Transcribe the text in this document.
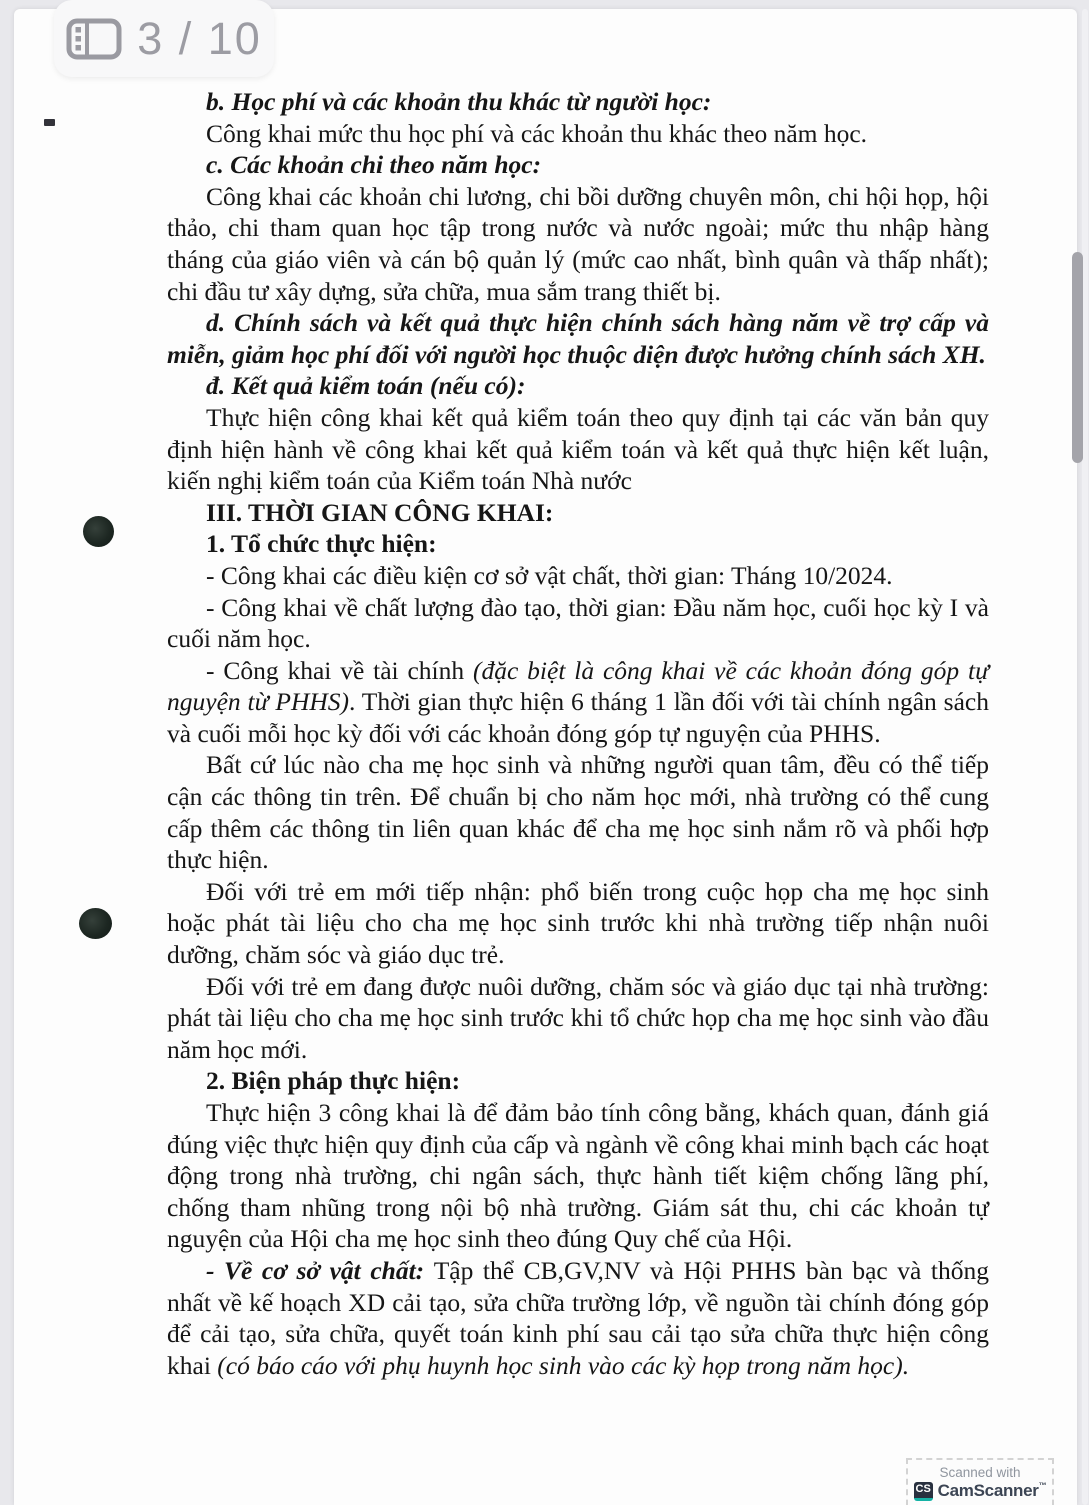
b. Học phí và các khoản thu khác từ người học:

Công khai mức thu học phí và các khoản thu khác theo năm học.

c. Các khoản chi theo năm học:

Công khai các khoản chi lương, chi bồi dưỡng chuyên môn, chi hội họp, hội thảo, chi tham quan học tập trong nước và nước ngoài; mức thu nhập hàng tháng của giáo viên và cán bộ quản lý (mức cao nhất, bình quân và thấp nhất); chi đầu tư xây dựng, sửa chữa, mua sắm trang thiết bị.

d. Chính sách và kết quả thực hiện chính sách hàng năm về trợ cấp và miễn, giảm học phí đối với người học thuộc diện được hưởng chính sách XH.

đ. Kết quả kiểm toán (nếu có):

Thực hiện công khai kết quả kiểm toán theo quy định tại các văn bản quy định hiện hành về công khai kết quả kiểm toán và kết quả thực hiện kết luận, kiến nghị kiểm toán của Kiểm toán Nhà nước

III. THỜI GIAN CÔNG KHAI:

1. Tổ chức thực hiện:

- Công khai các điều kiện cơ sở vật chất, thời gian: Tháng 10/2024.

- Công khai về chất lượng đào tạo, thời gian: Đầu năm học, cuối học kỳ I và cuối năm học.

- Công khai về tài chính (đặc biệt là công khai về các khoản đóng góp tự nguyện từ PHHS). Thời gian thực hiện 6 tháng 1 lần đối với tài chính ngân sách và cuối mỗi học kỳ đối với các khoản đóng góp tự nguyện của PHHS.

Bất cứ lúc nào cha mẹ học sinh và những người quan tâm, đều có thể tiếp cận các thông tin trên. Để chuẩn bị cho năm học mới, nhà trường có thể cung cấp thêm các thông tin liên quan khác để cha mẹ học sinh nắm rõ và phối hợp thực hiện.

Đối với trẻ em mới tiếp nhận: phổ biến trong cuộc họp cha mẹ học sinh hoặc phát tài liệu cho cha mẹ học sinh trước khi nhà trường tiếp nhận nuôi dưỡng, chăm sóc và giáo dục trẻ.

Đối với trẻ em đang được nuôi dưỡng, chăm sóc và giáo dục tại nhà trường: phát tài liệu cho cha mẹ học sinh trước khi tổ chức họp cha mẹ học sinh vào đầu năm học mới.

2. Biện pháp thực hiện:

Thực hiện 3 công khai là để đảm bảo tính công bằng, khách quan, đánh giá đúng việc thực hiện quy định của cấp và ngành về công khai minh bạch các hoạt động trong nhà trường, chi ngân sách, thực hành tiết kiệm chống lãng phí, chống tham nhũng trong nội bộ nhà trường. Giám sát thu, chi các khoản tự nguyện của Hội cha mẹ học sinh theo đúng Quy chế của Hội.

- Về cơ sở vật chất: Tập thể CB,GV,NV và Hội PHHS bàn bạc và thống nhất về kế hoạch XD cải tạo, sửa chữa trường lớp, về nguồn tài chính đóng góp để cải tạo, sửa chữa, quyết toán kinh phí sau cải tạo sửa chữa thực hiện công khai (có báo cáo với phụ huynh học sinh vào các kỳ họp trong năm học).

3 / 10
Scanned with
CS CamScanner™
